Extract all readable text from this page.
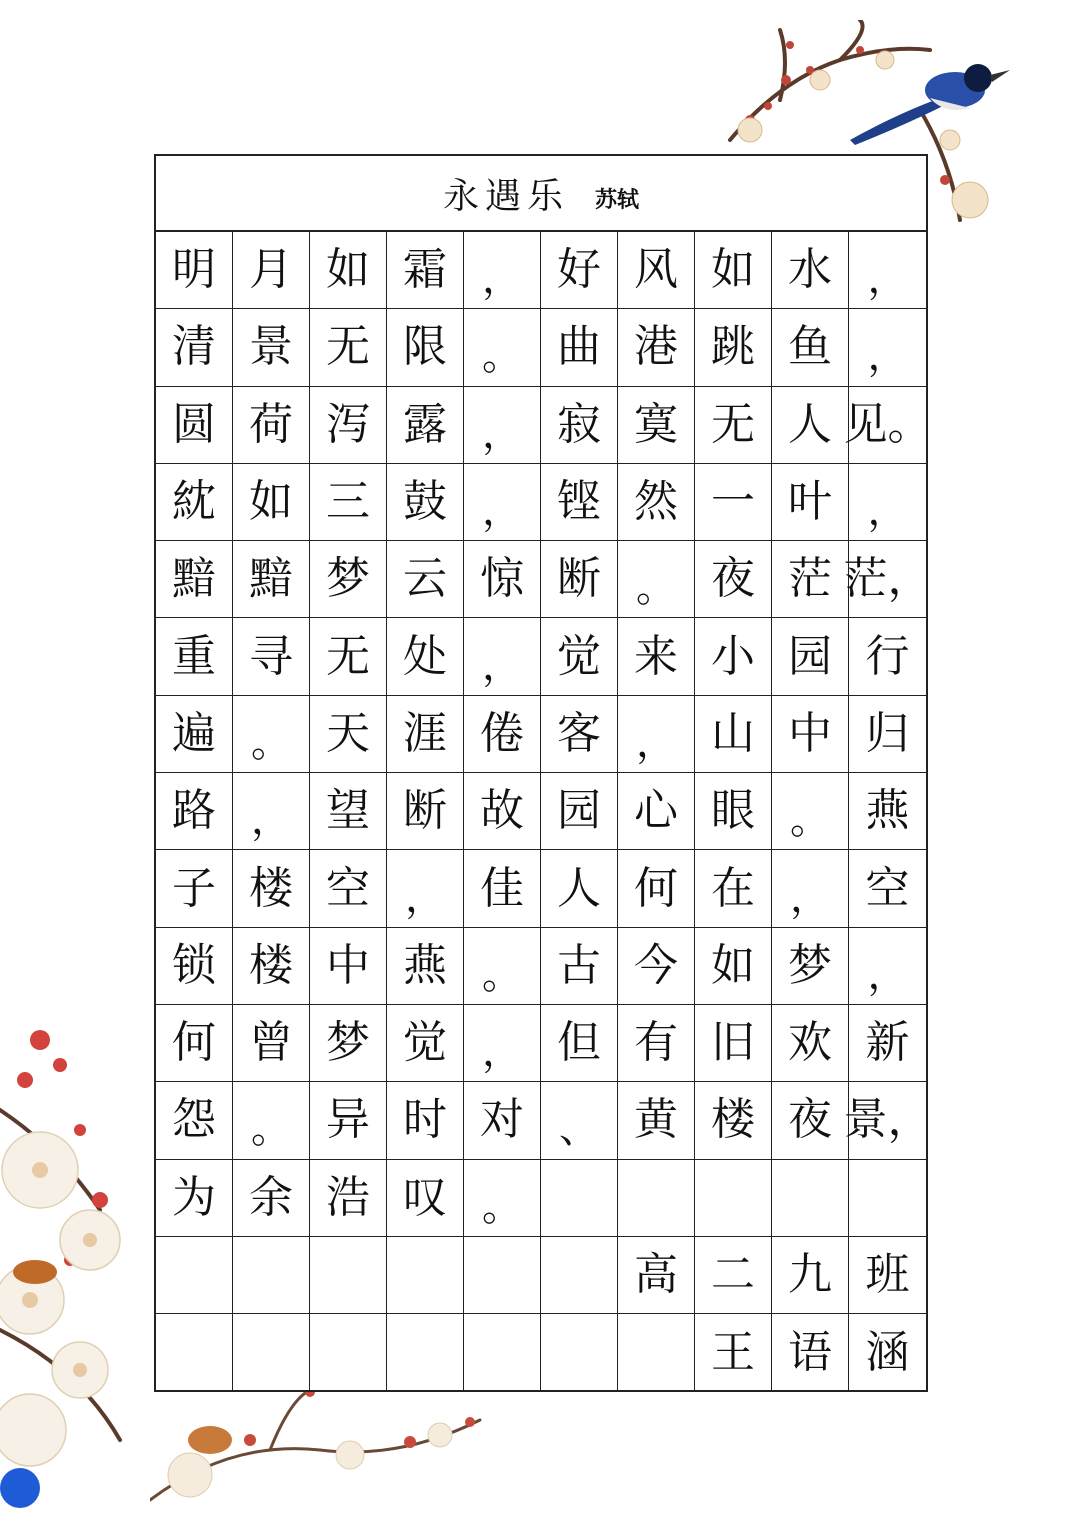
永遇乐 苏轼
明 月 如 霜 ， 好 风 如 水 ，
清 景 无 限 。 曲 港 跳 鱼 ，
圆 荷 泻 露 ， 寂 寞 无 人 见。
紞 如 三 鼓 ， 铿 然 一 叶 ，
黯 黯 梦 云 惊 断 。 夜 茫 茫，
重 寻 无 处 ， 觉 来 小 园 行
遍 。 天 涯 倦 客 ， 山 中 归
路 ， 望 断 故 园 心 眼 。 燕
子 楼 空 ， 佳 人 何 在 ， 空
锁 楼 中 燕 。 古 今 如 梦 ，
何 曾 梦 觉 ， 但 有 旧 欢 新
怨 。 异 时 对 、 黄 楼 夜 景，
为 余 浩 叹 。
高 二 九 班
王 语 涵
